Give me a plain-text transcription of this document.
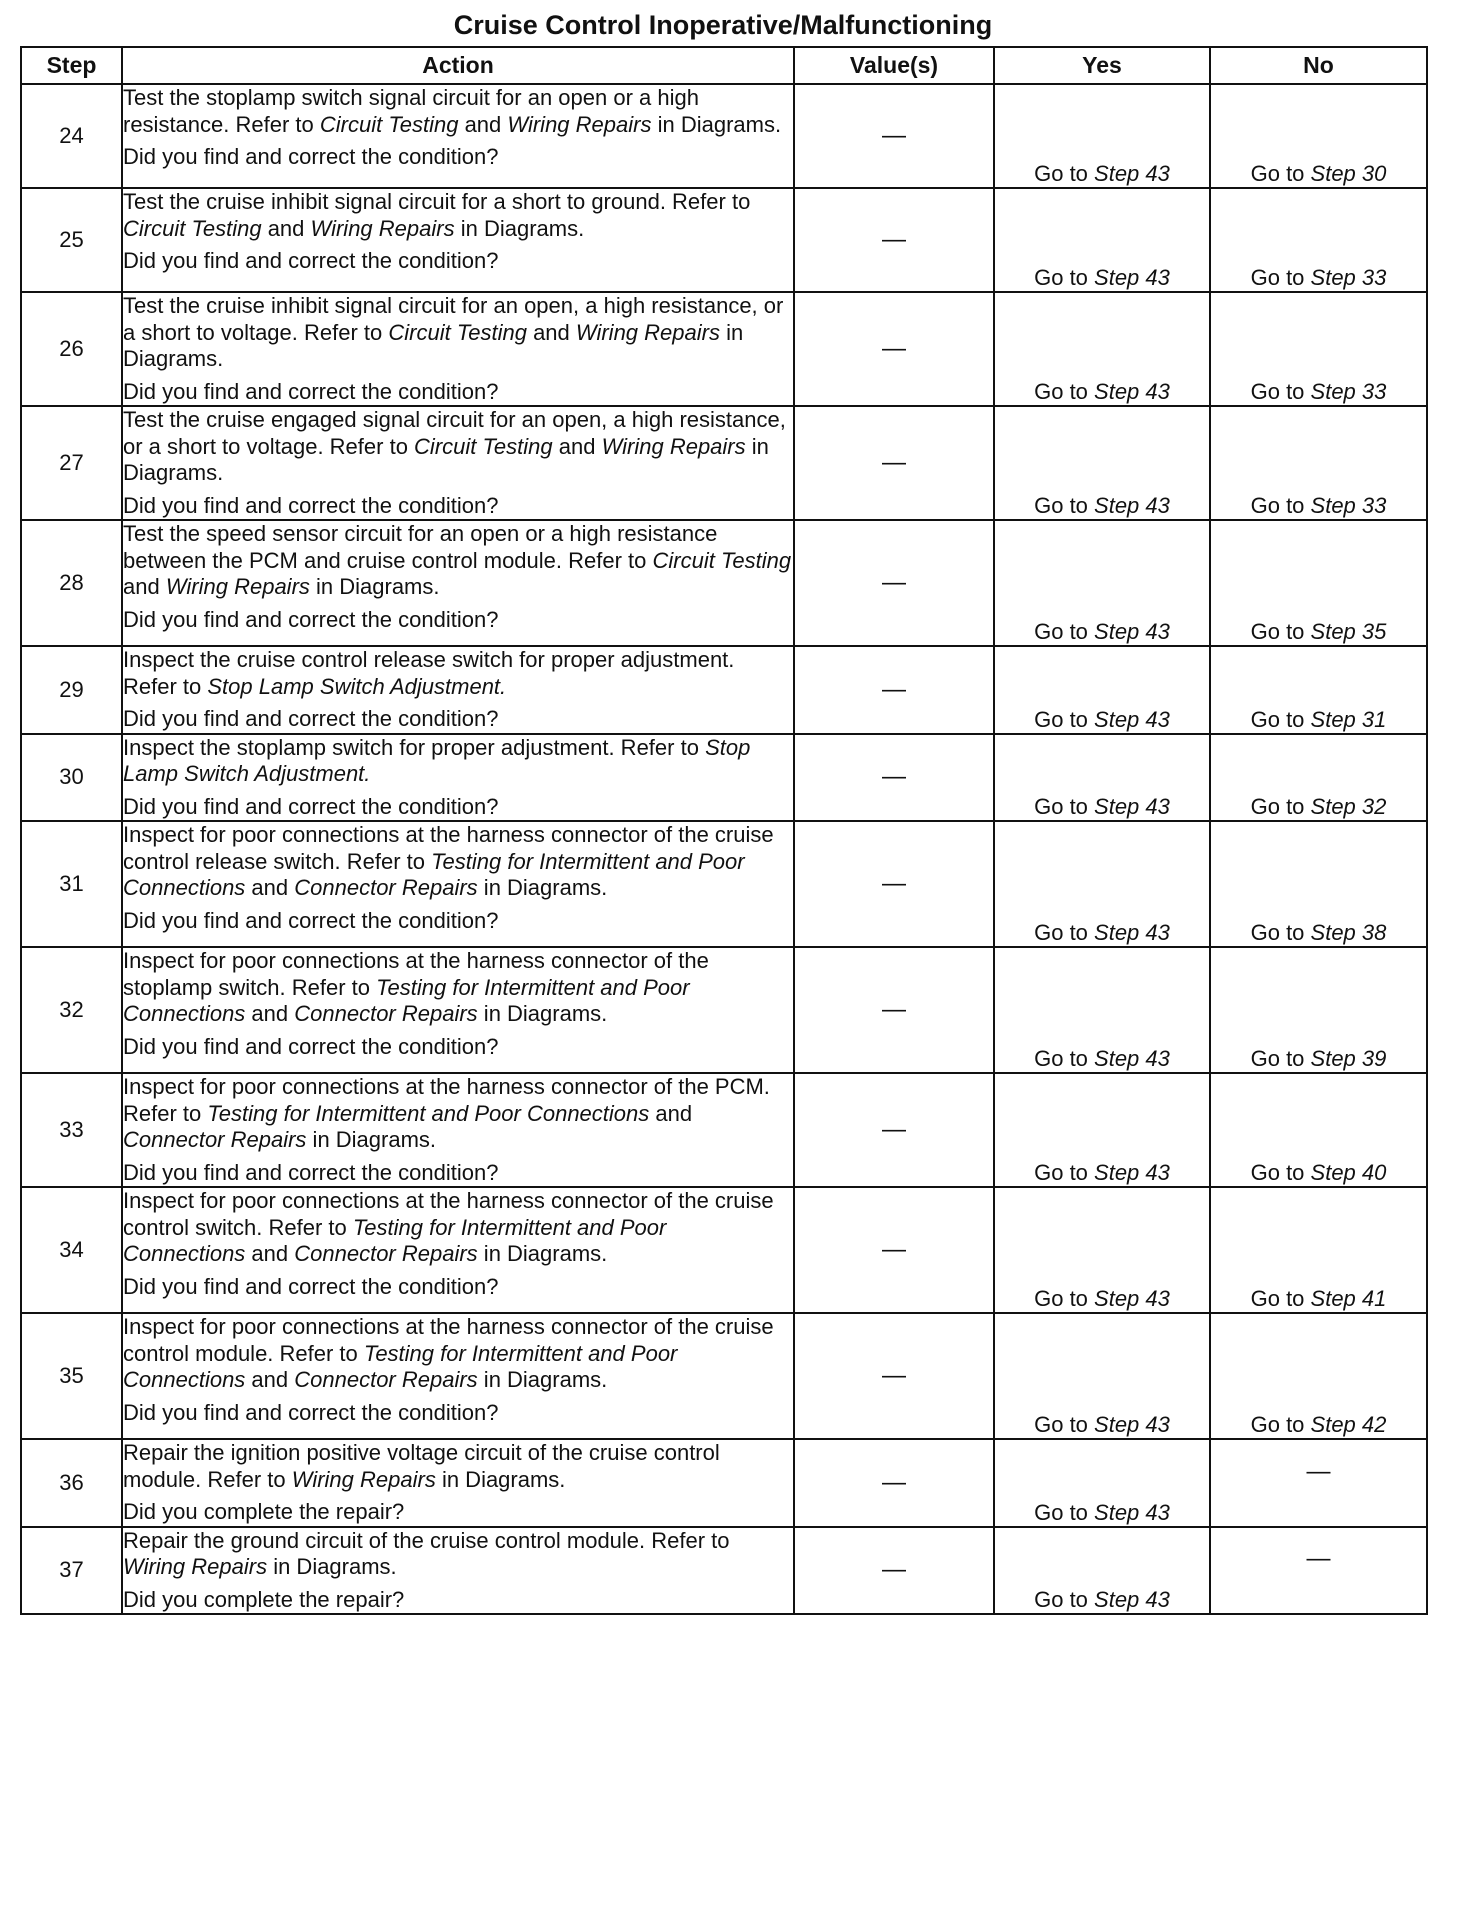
Cruise Control Inoperative/Malfunctioning
Step	Action	Value(s)	Yes	No
24	Test the stoplamp switch signal circuit for an open or a high resistance. Refer to Circuit Testing and Wiring Repairs in Diagrams.
Did you find and correct the condition?	—	Go to Step 43	Go to Step 30
25	Test the cruise inhibit signal circuit for a short to ground. Refer to Circuit Testing and Wiring Repairs in Diagrams.
Did you find and correct the condition?	—	Go to Step 43	Go to Step 33
26	Test the cruise inhibit signal circuit for an open, a high resistance, or a short to voltage. Refer to Circuit Testing and Wiring Repairs in Diagrams.
Did you find and correct the condition?	—	Go to Step 43	Go to Step 33
27	Test the cruise engaged signal circuit for an open, a high resistance, or a short to voltage. Refer to Circuit Testing and Wiring Repairs in Diagrams.
Did you find and correct the condition?	—	Go to Step 43	Go to Step 33
28	Test the speed sensor circuit for an open or a high resistance between the PCM and cruise control module. Refer to Circuit Testing and Wiring Repairs in Diagrams.
Did you find and correct the condition?	—	Go to Step 43	Go to Step 35
29	Inspect the cruise control release switch for proper adjustment. Refer to Stop Lamp Switch Adjustment.
Did you find and correct the condition?	—	Go to Step 43	Go to Step 31
30	Inspect the stoplamp switch for proper adjustment. Refer to Stop Lamp Switch Adjustment.
Did you find and correct the condition?	—	Go to Step 43	Go to Step 32
31	Inspect for poor connections at the harness connector of the cruise control release switch. Refer to Testing for Intermittent and Poor Connections and Connector Repairs in Diagrams.
Did you find and correct the condition?	—	Go to Step 43	Go to Step 38
32	Inspect for poor connections at the harness connector of the stoplamp switch. Refer to Testing for Intermittent and Poor Connections and Connector Repairs in Diagrams.
Did you find and correct the condition?	—	Go to Step 43	Go to Step 39
33	Inspect for poor connections at the harness connector of the PCM. Refer to Testing for Intermittent and Poor Connections and Connector Repairs in Diagrams.
Did you find and correct the condition?	—	Go to Step 43	Go to Step 40
34	Inspect for poor connections at the harness connector of the cruise control switch. Refer to Testing for Intermittent and Poor Connections and Connector Repairs in Diagrams.
Did you find and correct the condition?	—	Go to Step 43	Go to Step 41
35	Inspect for poor connections at the harness connector of the cruise control module. Refer to Testing for Intermittent and Poor Connections and Connector Repairs in Diagrams.
Did you find and correct the condition?	—	Go to Step 43	Go to Step 42
36	Repair the ignition positive voltage circuit of the cruise control module. Refer to Wiring Repairs in Diagrams.
Did you complete the repair?	—	Go to Step 43	—

37	Repair the ground circuit of the cruise control module. Refer to Wiring Repairs in Diagrams.
Did you complete the repair?	—	Go to Step 43	—
